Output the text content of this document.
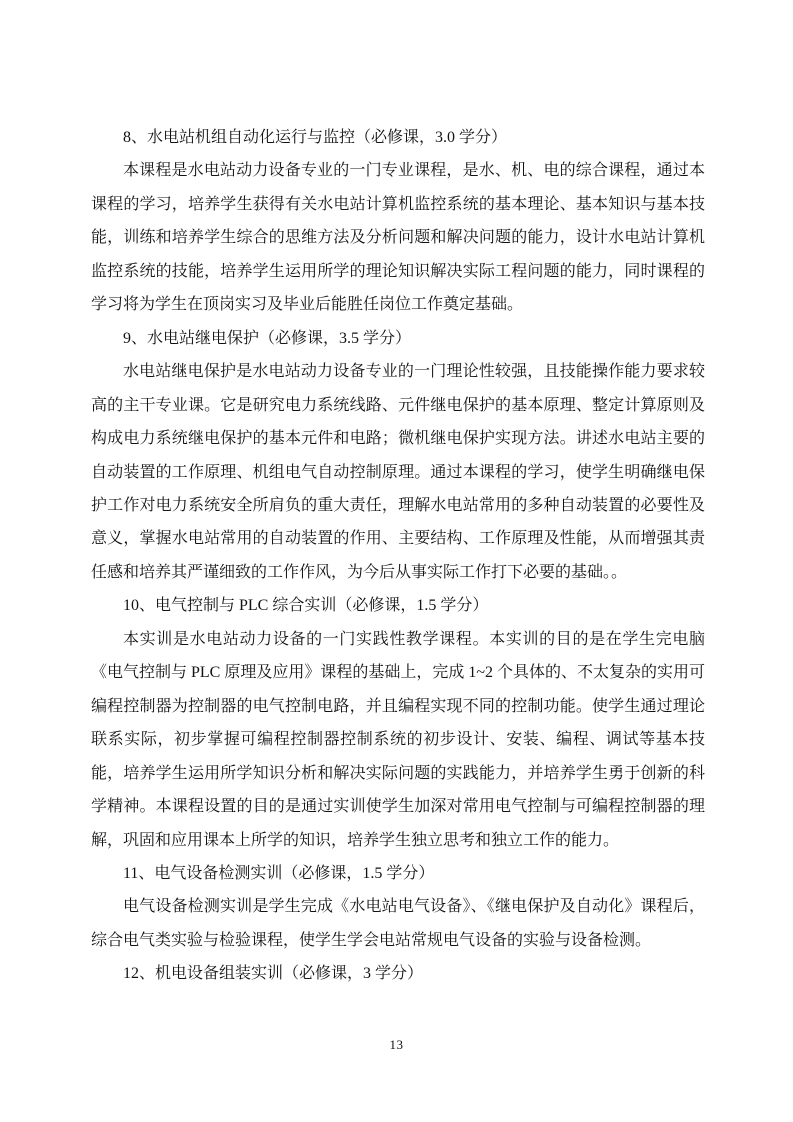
8、水电站机组自动化运行与监控（必修课，3.0 学分）

本课程是水电站动力设备专业的一门专业课程，是水、机、电的综合课程，通过本课程的学习，培养学生获得有关水电站计算机监控系统的基本理论、基本知识与基本技能，训练和培养学生综合的思维方法及分析问题和解决问题的能力，设计水电站计算机监控系统的技能，培养学生运用所学的理论知识解决实际工程问题的能力，同时课程的学习将为学生在顶岗实习及毕业后能胜任岗位工作奠定基础。

9、水电站继电保护（必修课，3.5 学分）

水电站继电保护是水电站动力设备专业的一门理论性较强，且技能操作能力要求较高的主干专业课。它是研究电力系统线路、元件继电保护的基本原理、整定计算原则及构成电力系统继电保护的基本元件和电路；微机继电保护实现方法。讲述水电站主要的自动装置的工作原理、机组电气自动控制原理。通过本课程的学习，使学生明确继电保护工作对电力系统安全所肩负的重大责任，理解水电站常用的多种自动装置的必要性及意义，掌握水电站常用的自动装置的作用、主要结构、工作原理及性能，从而增强其责任感和培养其严谨细致的工作作风，为今后从事实际工作打下必要的基础。。

10、电气控制与 PLC 综合实训（必修课，1.5 学分）

本实训是水电站动力设备的一门实践性教学课程。本实训的目的是在学生完电脑《电气控制与 PLC 原理及应用》课程的基础上，完成 1~2 个具体的、不太复杂的实用可编程控制器为控制器的电气控制电路，并且编程实现不同的控制功能。使学生通过理论联系实际，初步掌握可编程控制器控制系统的初步设计、安装、编程、调试等基本技能，培养学生运用所学知识分析和解决实际问题的实践能力，并培养学生勇于创新的科学精神。本课程设置的目的是通过实训使学生加深对常用电气控制与可编程控制器的理解，巩固和应用课本上所学的知识，培养学生独立思考和独立工作的能力。

11、电气设备检测实训（必修课，1.5 学分）

电气设备检测实训是学生完成《水电站电气设备》、《继电保护及自动化》课程后，综合电气类实验与检验课程，使学生学会电站常规电气设备的实验与设备检测。

12、机电设备组装实训（必修课，3 学分）

13
